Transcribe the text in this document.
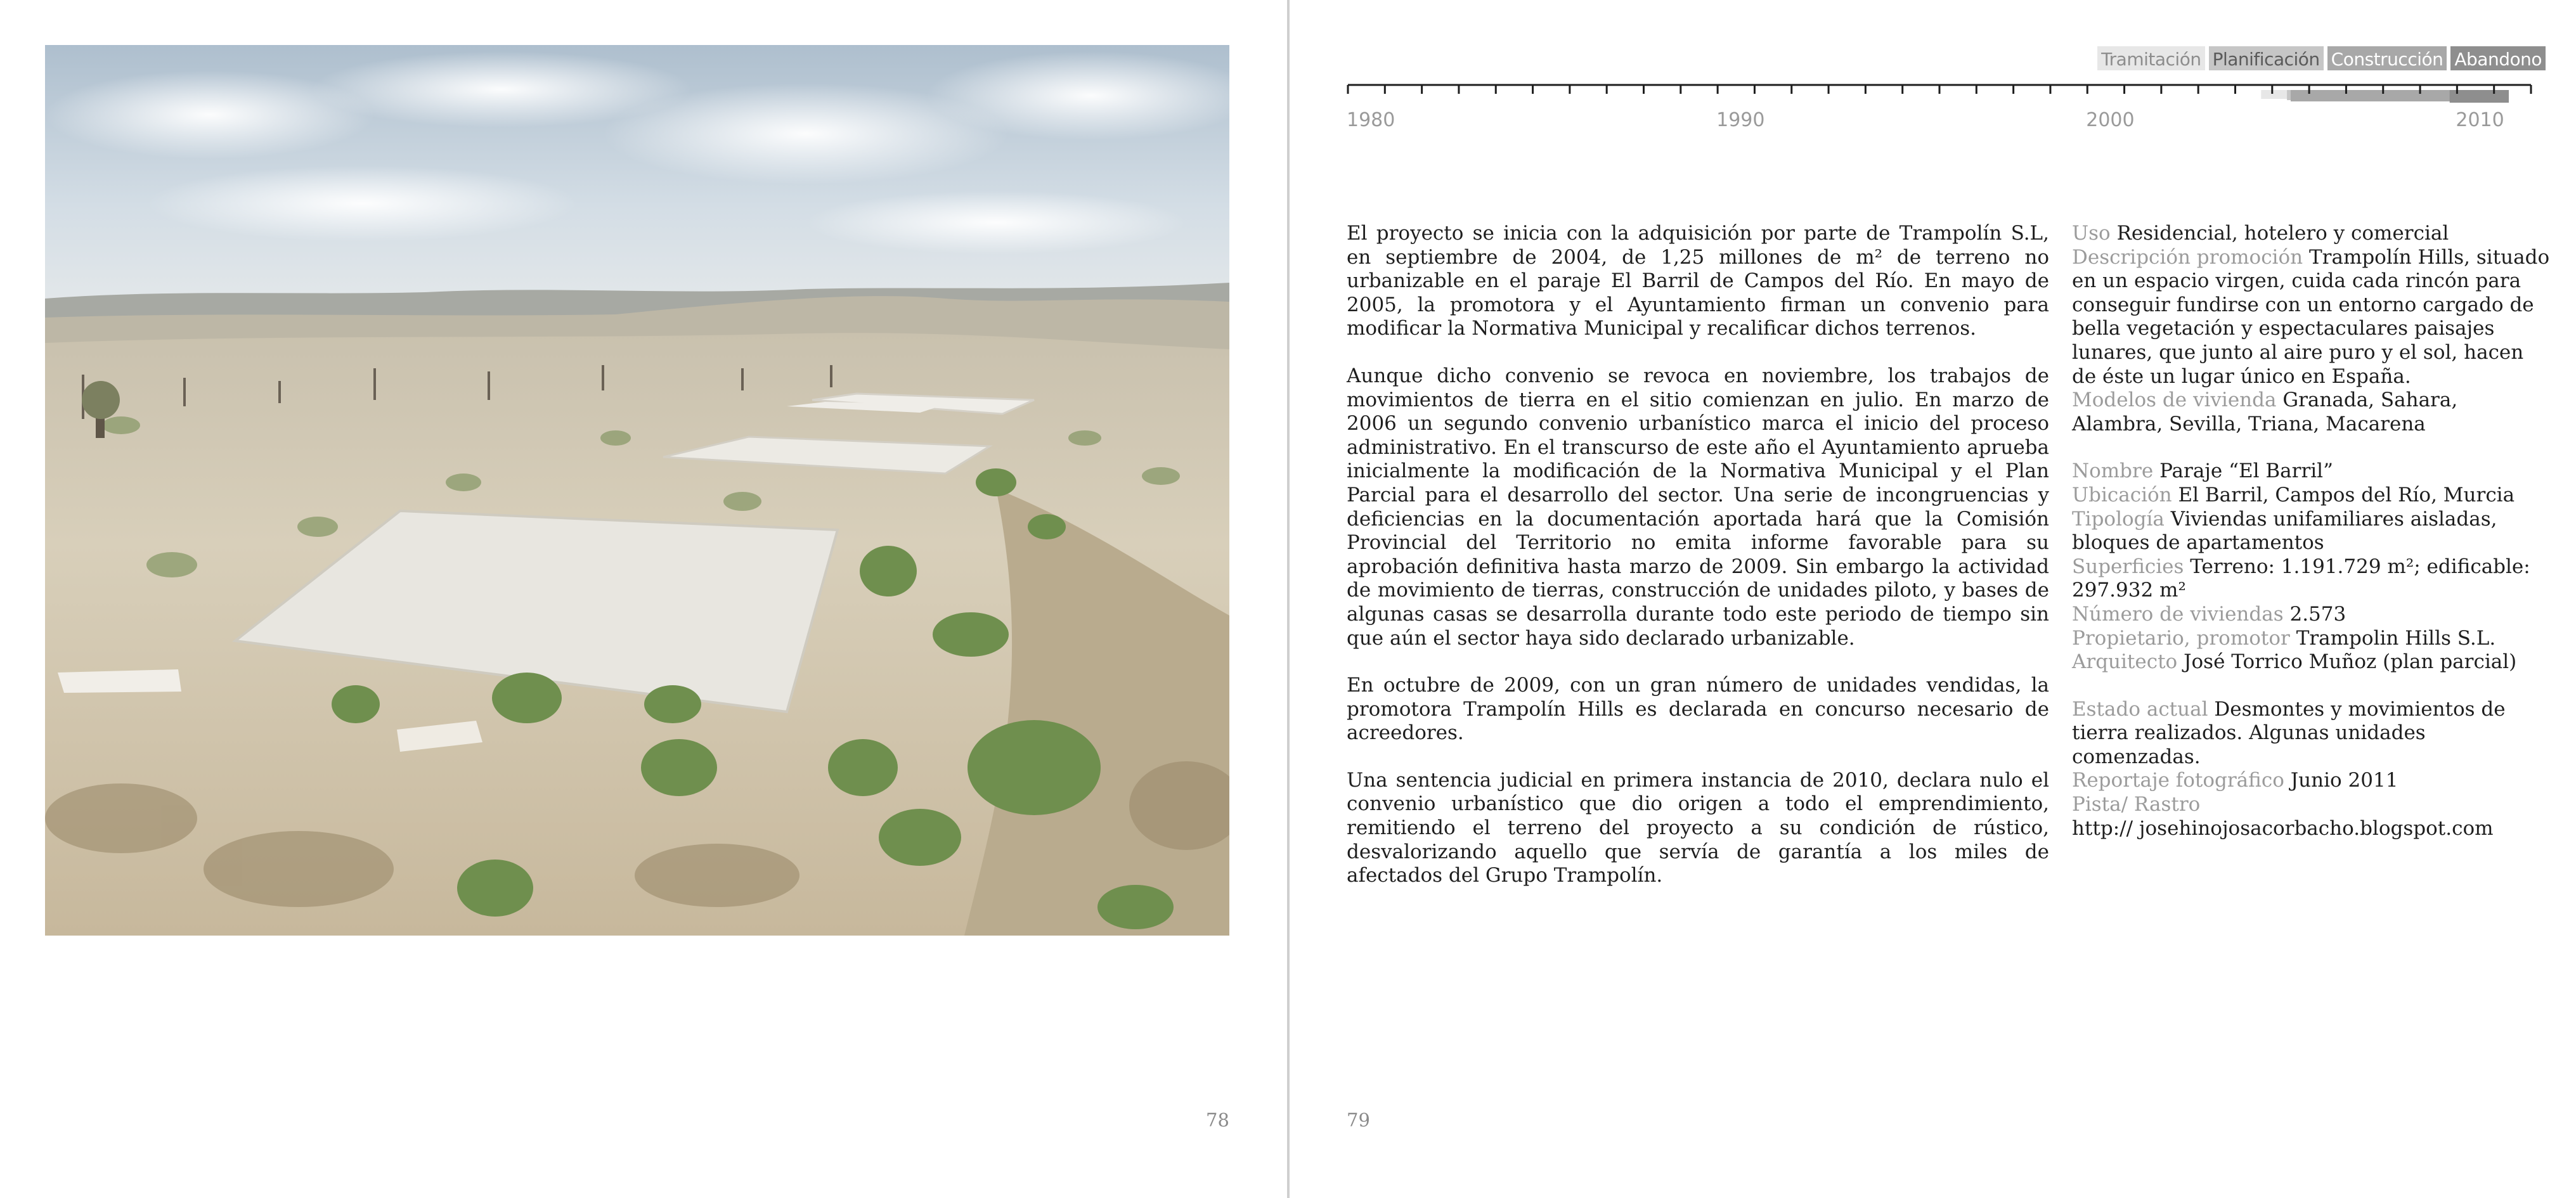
78
Tramitación Planificación Construcción Abandono
1980	1990	2000	2010

El proyecto se inicia con la adquisición por parte de Trampolín S.L, en septiembre de 2004, de 1,25 millones de m² de terreno no urbanizable en el paraje El Barril de Campos del Río. En mayo de 2005, la promotora y el Ayuntamiento firman un convenio para modificar la Normativa Municipal y recalificar dichos terrenos.

Aunque dicho convenio se revoca en noviembre, los trabajos de movimientos de tierra en el sitio comienzan en julio. En marzo de 2006 un segundo convenio urbanístico marca el inicio del proceso administrativo. En el transcurso de este año el Ayuntamiento aprueba inicialmente la modificación de la Normativa Municipal y el Plan Parcial para el desarrollo del sector. Una serie de incongruencias y deficiencias en la documentación aportada hará que la Comisión Provincial del Territorio no emita informe favorable para su aprobación definitiva hasta marzo de 2009. Sin embargo la actividad de movimiento de tierras, construcción de unidades piloto, y bases de algunas casas se desarrolla durante todo este periodo de tiempo sin que aún el sector haya sido declarado urbanizable.

En octubre de 2009, con un gran número de unidades vendidas, la promotora Trampolín Hills es declarada en concurso necesario de acreedores.

Una sentencia judicial en primera instancia de 2010, declara nulo el convenio urbanístico que dio origen a todo el emprendimiento, remitiendo el terreno del proyecto a su condición de rústico, desvalorizando aquello que servía de garantía a los miles de afectados del Grupo Trampolín.

Uso Residencial, hotelero y comercial

Descripción promoción Trampolín Hills, situado en un espacio virgen, cuida cada rincón para conseguir fundirse con un entorno cargado de bella vegetación y espectaculares paisajes lunares, que junto al aire puro y el sol, hacen de éste un lugar único en España.

Modelos de vivienda Granada, Sahara, Alambra, Sevilla, Triana, Macarena

Nombre Paraje “El Barril”

Ubicación El Barril, Campos del Río, Murcia

Tipología Viviendas unifamiliares aisladas, bloques de apartamentos

Superficies Terreno: 1.191.729 m²; edificable: 297.932 m²

Número de viviendas 2.573

Propietario, promotor Trampolin Hills S.L.

Arquitecto José Torrico Muñoz (plan parcial)

Estado actual Desmontes y movimientos de tierra realizados. Algunas unidades comenzadas.

Reportaje fotográfico Junio 2011

Pista/ Rastro
http:// josehinojosacorbacho.blogspot.com

79
